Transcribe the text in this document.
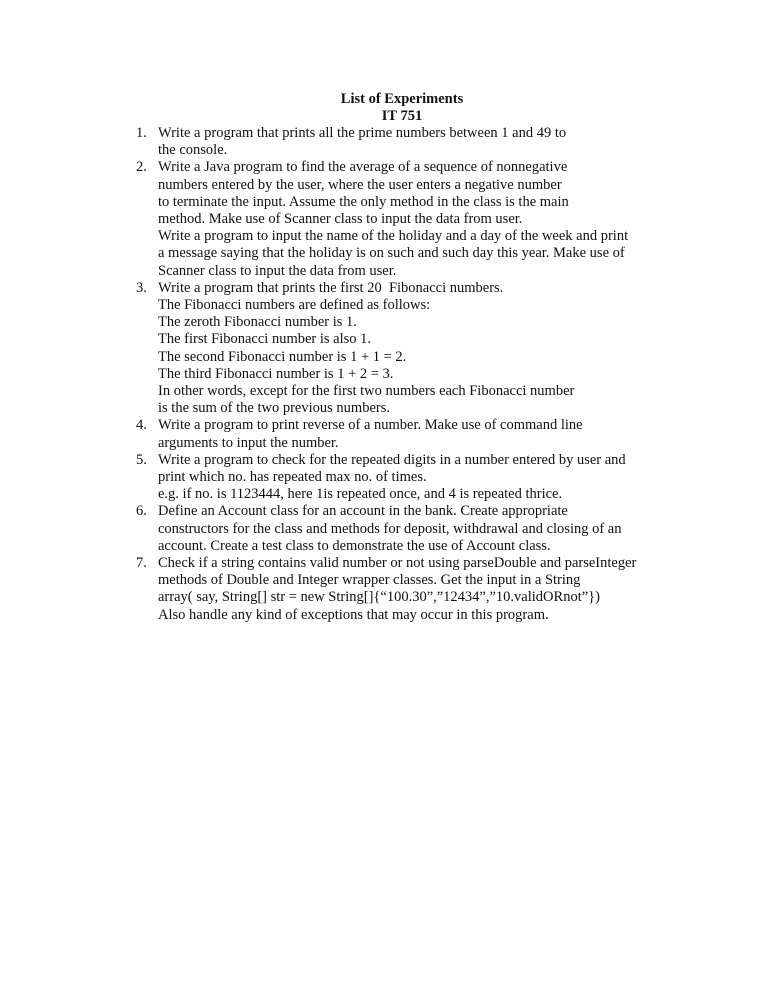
List of Experiments
IT 751
1. Write a program that prints all the prime numbers between 1 and 49 to
the console.
2. Write a Java program to find the average of a sequence of nonnegative
numbers entered by the user, where the user enters a negative number
to terminate the input. Assume the only method in the class is the main
method. Make use of Scanner class to input the data from user.
Write a program to input the name of the holiday and a day of the week and print
a message saying that the holiday is on such and such day this year. Make use of
Scanner class to input the data from user.
3. Write a program that prints the first 20  Fibonacci numbers.
The Fibonacci numbers are defined as follows:
The zeroth Fibonacci number is 1.
The first Fibonacci number is also 1.
The second Fibonacci number is 1 + 1 = 2.
The third Fibonacci number is 1 + 2 = 3.
In other words, except for the first two numbers each Fibonacci number
is the sum of the two previous numbers.
4. Write a program to print reverse of a number. Make use of command line
arguments to input the number.
5. Write a program to check for the repeated digits in a number entered by user and
print which no. has repeated max no. of times.
e.g. if no. is 1123444, here 1is repeated once, and 4 is repeated thrice.
6. Define an Account class for an account in the bank. Create appropriate
constructors for the class and methods for deposit, withdrawal and closing of an
account. Create a test class to demonstrate the use of Account class.
7. Check if a string contains valid number or not using parseDouble and parseInteger
methods of Double and Integer wrapper classes. Get the input in a String
array( say, String[] str = new String[]{“100.30”,”12434”,”10.validORnot”})
Also handle any kind of exceptions that may occur in this program.
